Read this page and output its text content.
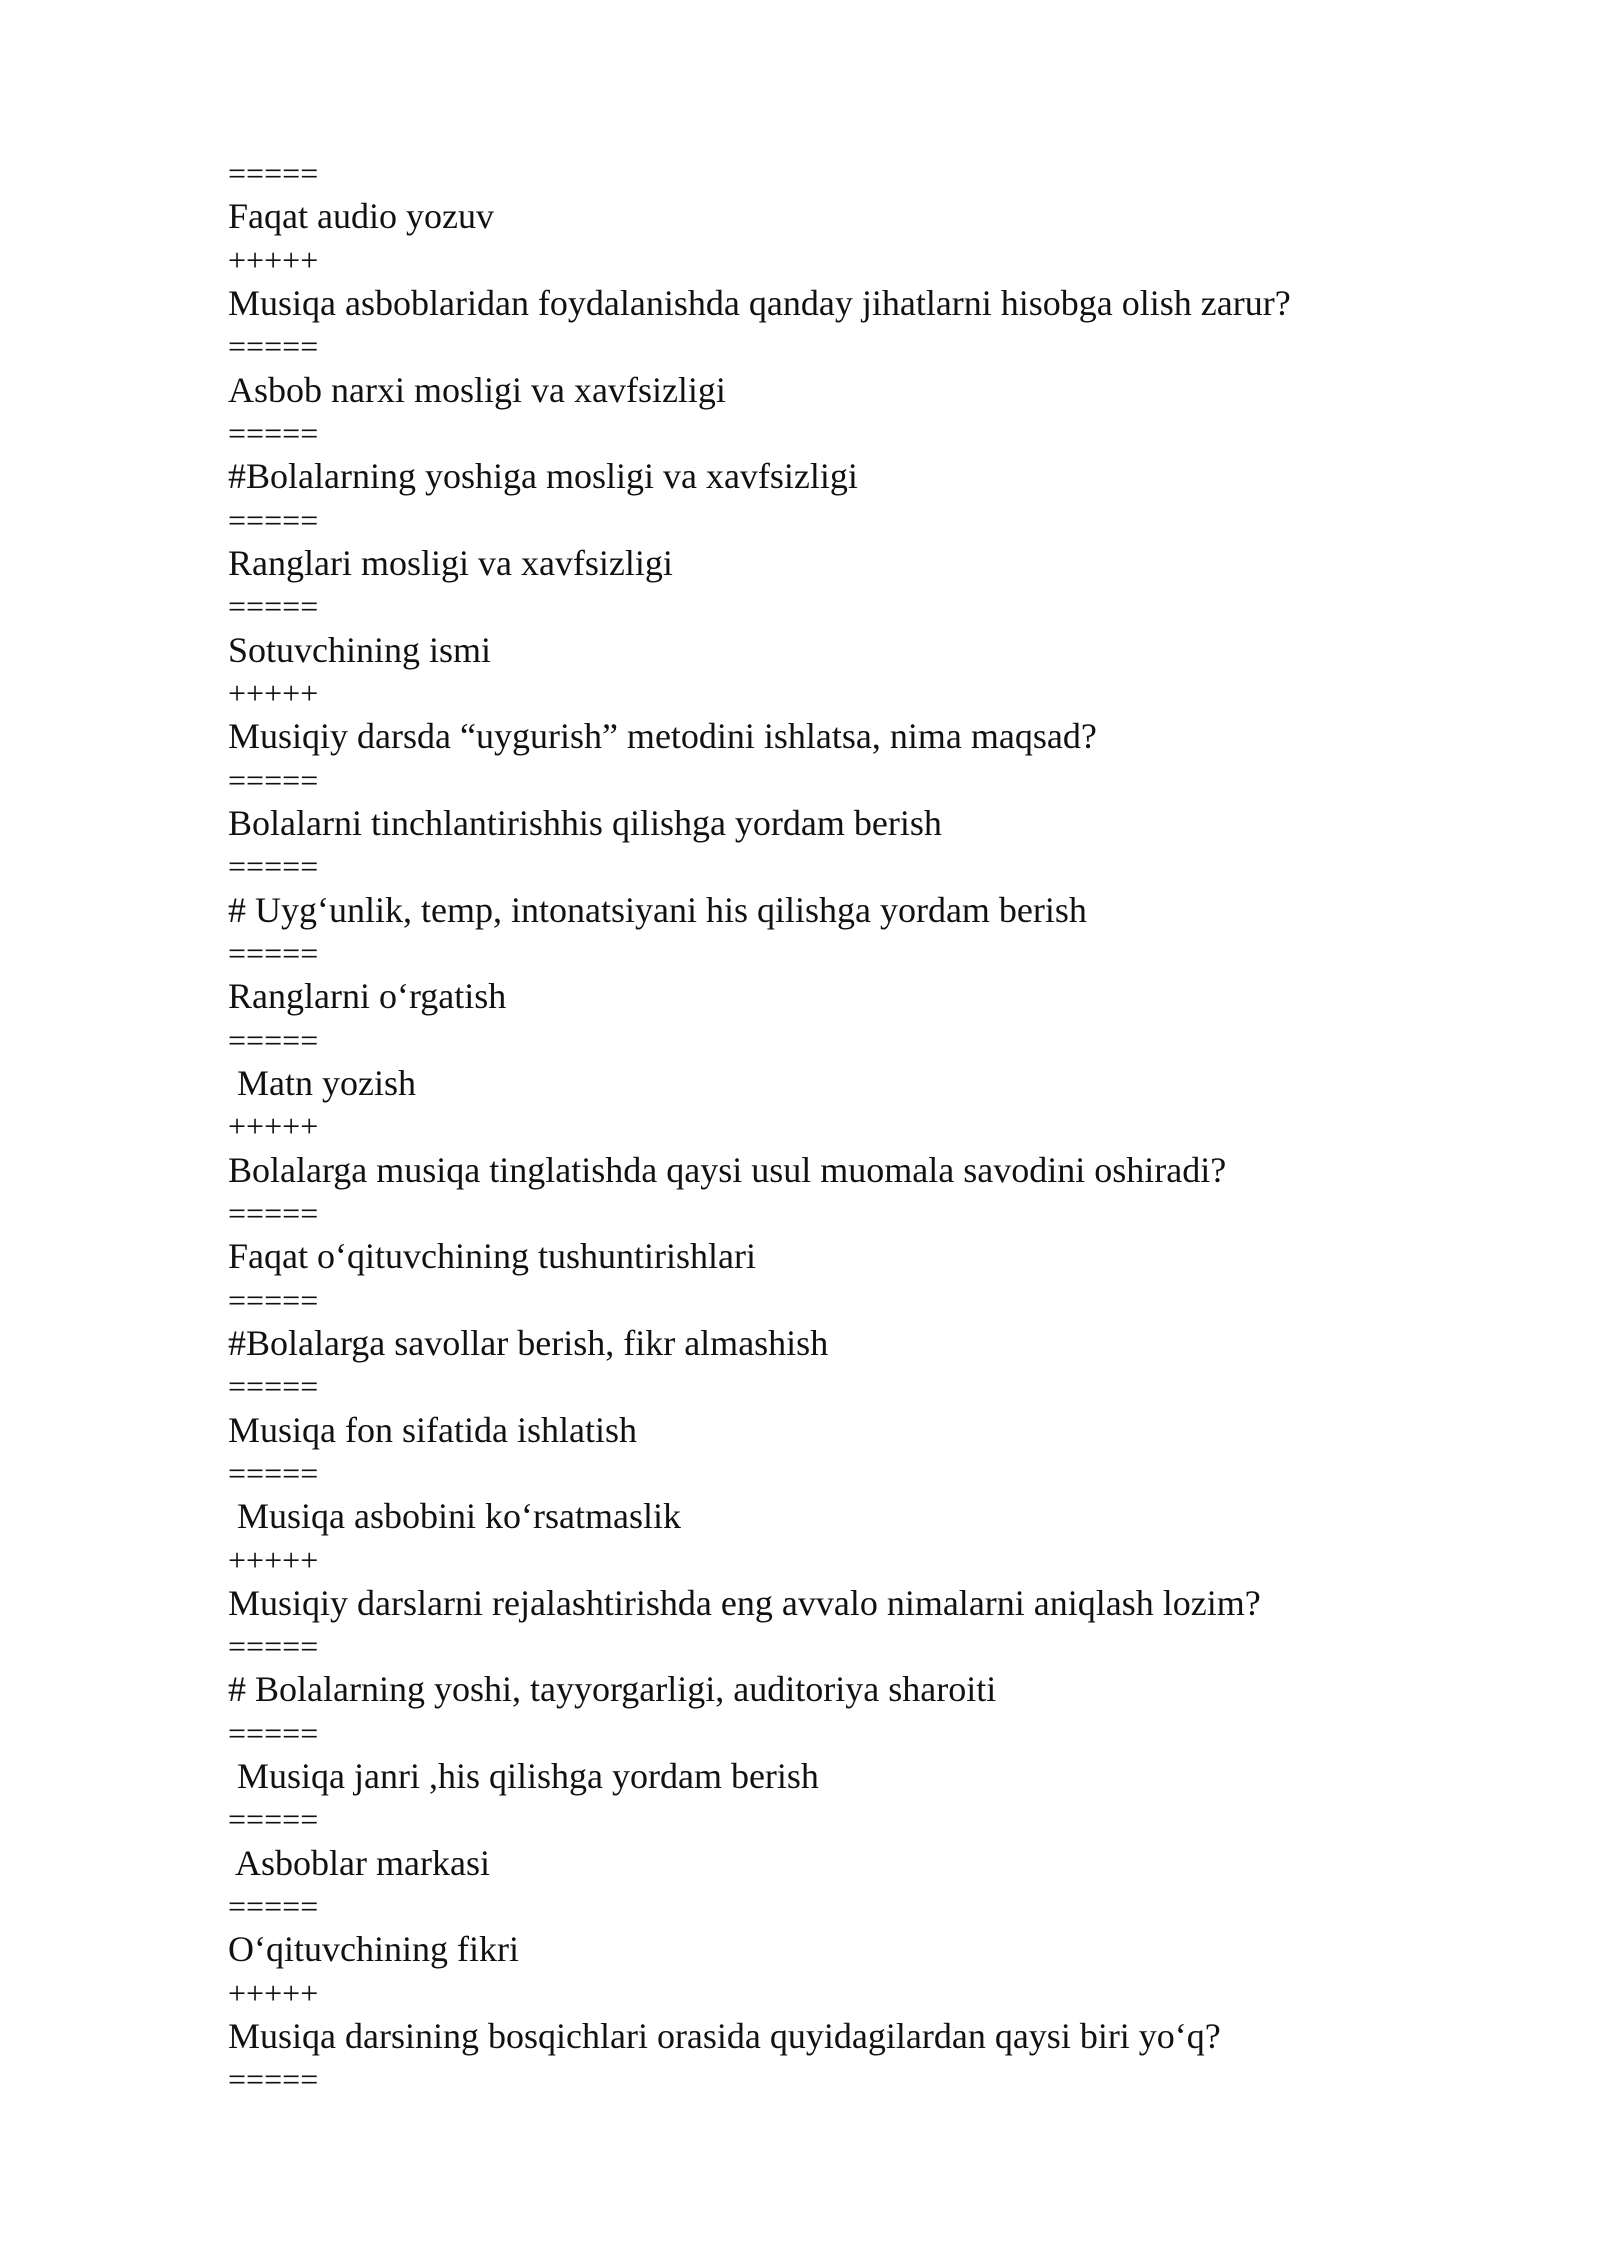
=====
Faqat audio yozuv
+++++
Musiqa asboblaridan foydalanishda qanday jihatlarni hisobga olish zarur?
=====
Asbob narxi mosligi va xavfsizligi
=====
#Bolalarning yoshiga mosligi va xavfsizligi
=====
Ranglari mosligi va xavfsizligi
=====
Sotuvchining ismi
+++++
Musiqiy darsda “uygurish” metodini ishlatsa, nima maqsad?
=====
Bolalarni tinchlantirishhis qilishga yordam berish
=====
# Uygʻunlik, temp, intonatsiyani his qilishga yordam berish
=====
Ranglarni oʻrgatish
=====
Matn yozish
+++++
Bolalarga musiqa tinglatishda qaysi usul muomala savodini oshiradi?
=====
Faqat oʻqituvchining tushuntirishlari
=====
#Bolalarga savollar berish, fikr almashish
=====
Musiqa fon sifatida ishlatish
=====
Musiqa asbobini koʻrsatmaslik
+++++
Musiqiy darslarni rejalashtirishda eng avvalo nimalarni aniqlash lozim?
=====
# Bolalarning yoshi, tayyorgarligi, auditoriya sharoiti
=====
Musiqa janri ,his qilishga yordam berish
=====
Asboblar markasi
=====
Oʻqituvchining fikri
+++++
Musiqa darsining bosqichlari orasida quyidagilardan qaysi biri yoʻq?
=====
